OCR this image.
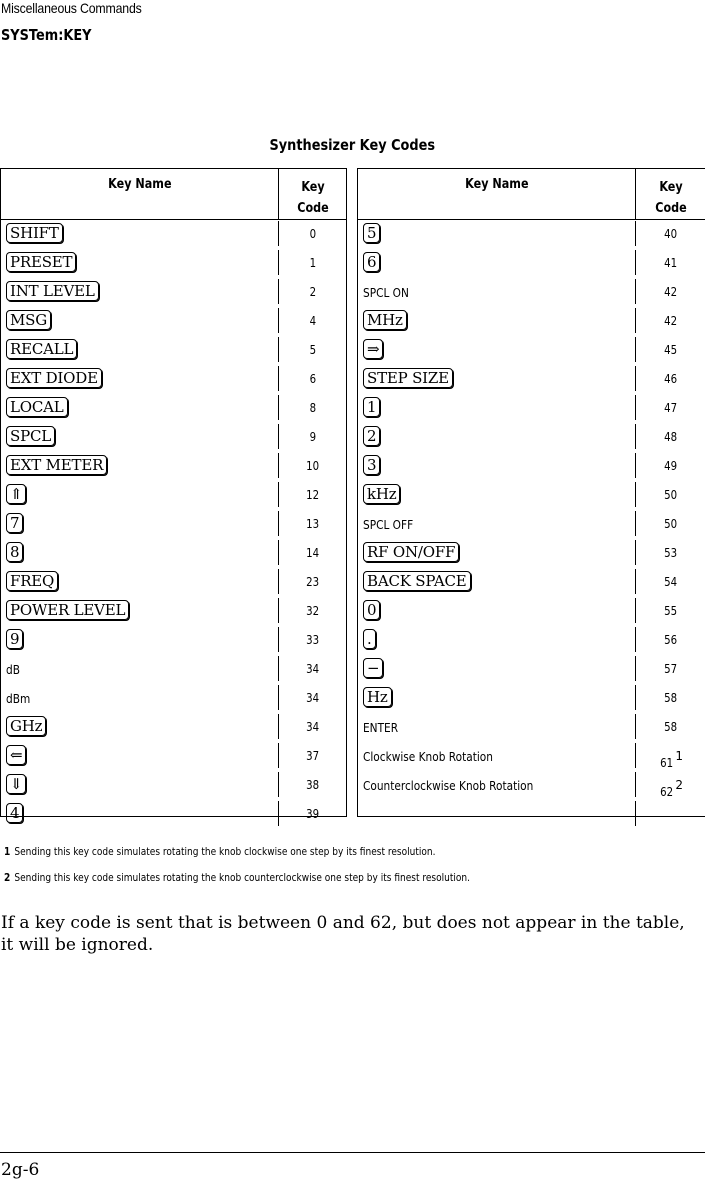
Miscellaneous Commands
SYSTem:KEY
Synthesizer Key Codes
Key Name	Key
Code
SHIFT	0
PRESET	1
INT LEVEL	2
MSG	4
RECALL	5
EXT DIODE	6
LOCAL	8
SPCL	9
EXT METER	10
⇑	12
7	13
8	14
FREQ	23
POWER LEVEL	32
9	33
dB	34
dBm	34
GHz	34
⇐	37
⇓	38
4	39
Key Name	Key
Code
5	40
6	41
SPCL ON	42
MHz	42
⇒	45
STEP SIZE	46
1	47
2	48
3	49
kHz	50
SPCL OFF	50
RF ON/OFF	53
BACK SPACE	54
0	55
.	56
−	57
Hz	58
ENTER	58
Clockwise Knob Rotation	61 $^1$
Counterclockwise Knob Rotation	62 $^2$
1 Sending this key code simulates rotating the knob clockwise one step by its finest resolution.
2 Sending this key code simulates rotating the knob counterclockwise one step by its finest resolution.
If a key code is sent that is between 0 and 62, but does not appear in the table, it will be ignored.
2g-6
